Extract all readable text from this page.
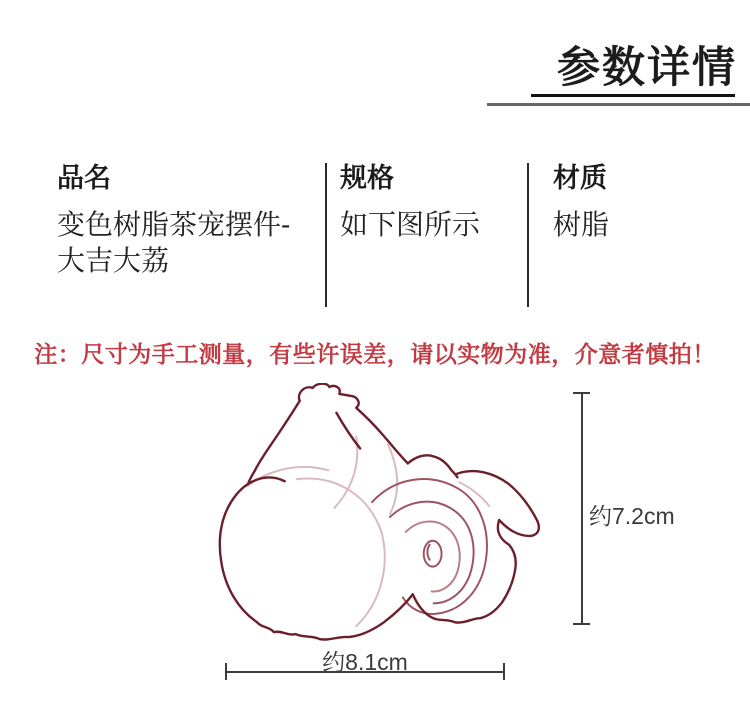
参数详情
品名
变色树脂茶宠摆件-大吉大荔
规格
如下图所示
材质
树脂
注：尺寸为手工测量，有些许误差，请以实物为准，介意者慎拍！
约7.2cm
约8.1cm
